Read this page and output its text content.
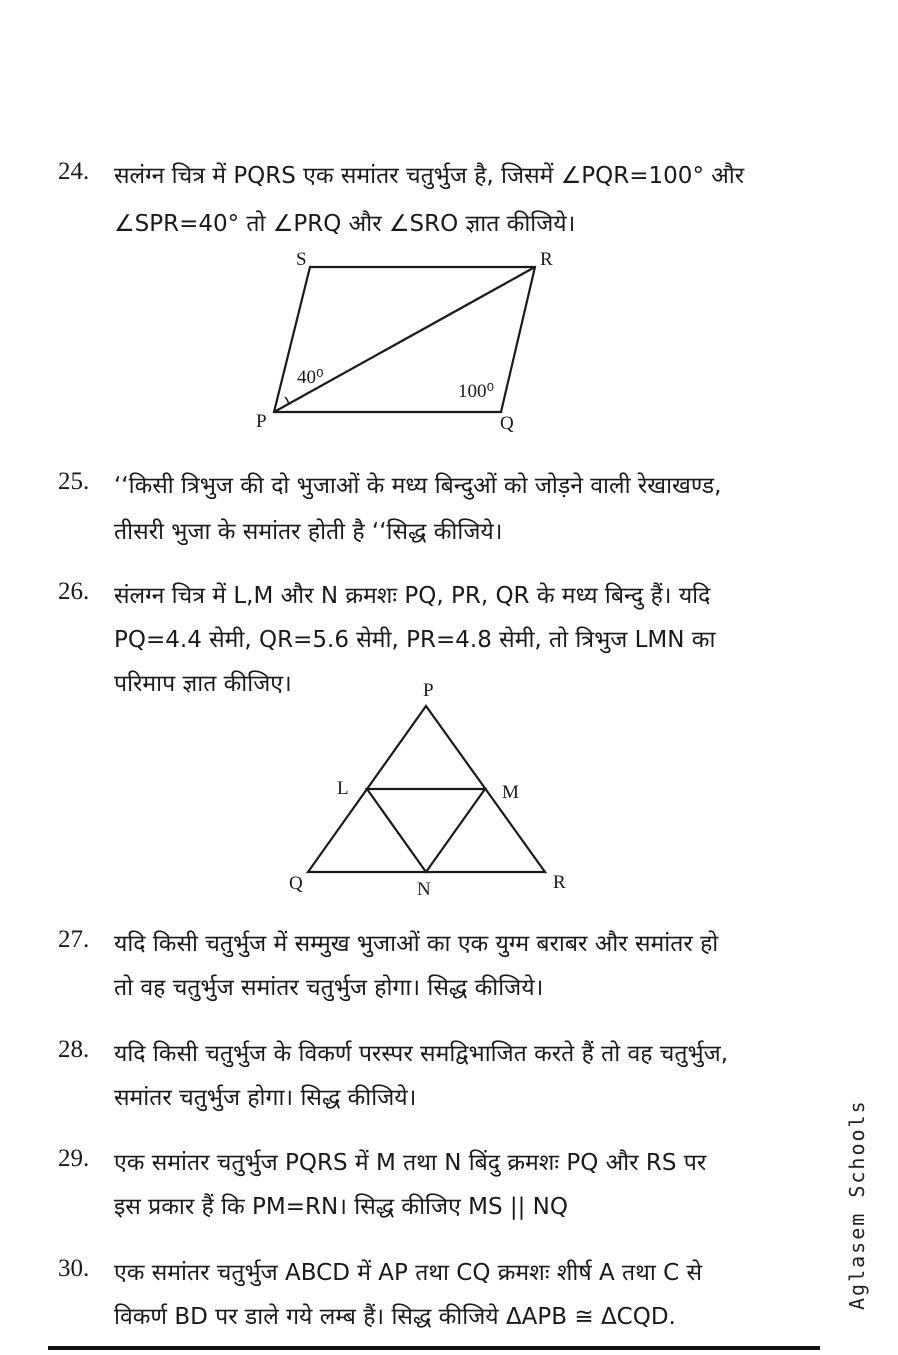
24. सलंग्न चित्र में PQRS एक समांतर चतुर्भुज है, जिसमें ∠PQR=100° और
∠SPR=40° तो ∠PRQ और ∠SRO ज्ञात कीजिये।
S	R
P	Q
40⁰
100⁰
25. ‘‘किसी त्रिभुज की दो भुजाओं के मध्य बिन्दुओं को जोड़ने वाली रेखाखण्ड,
तीसरी भुजा के समांतर होती है ‘‘सिद्ध कीजिये।
26. संलग्न चित्र में L,M और N क्रमशः PQ, PR, QR के मध्य बिन्दु हैं। यदि
PQ=4.4 सेमी, QR=5.6 सेमी, PR=4.8 सेमी, तो त्रिभुज LMN का
परिमाप ज्ञात कीजिए।	P
L	M
Q	N	R
27. यदि किसी चतुर्भुज में सम्मुख भुजाओं का एक युग्म बराबर और समांतर हो
तो वह चतुर्भुज समांतर चतुर्भुज होगा। सिद्ध कीजिये।
28. यदि किसी चतुर्भुज के विकर्ण परस्पर समद्विभाजित करते हैं तो वह चतुर्भुज,
समांतर चतुर्भुज होगा। सिद्ध कीजिये।
29. एक समांतर चतुर्भुज PQRS में M तथा N बिंदु क्रमशः PQ और RS पर
इस प्रकार हैं कि PM=RN। सिद्ध कीजिए MS || NQ
30. एक समांतर चतुर्भुज ABCD में AP तथा CQ क्रमशः शीर्ष A तथा C से
विकर्ण BD पर डाले गये लम्ब हैं। सिद्ध कीजिये ΔAPB ≅ ΔCQD.
Aglasem Schools
